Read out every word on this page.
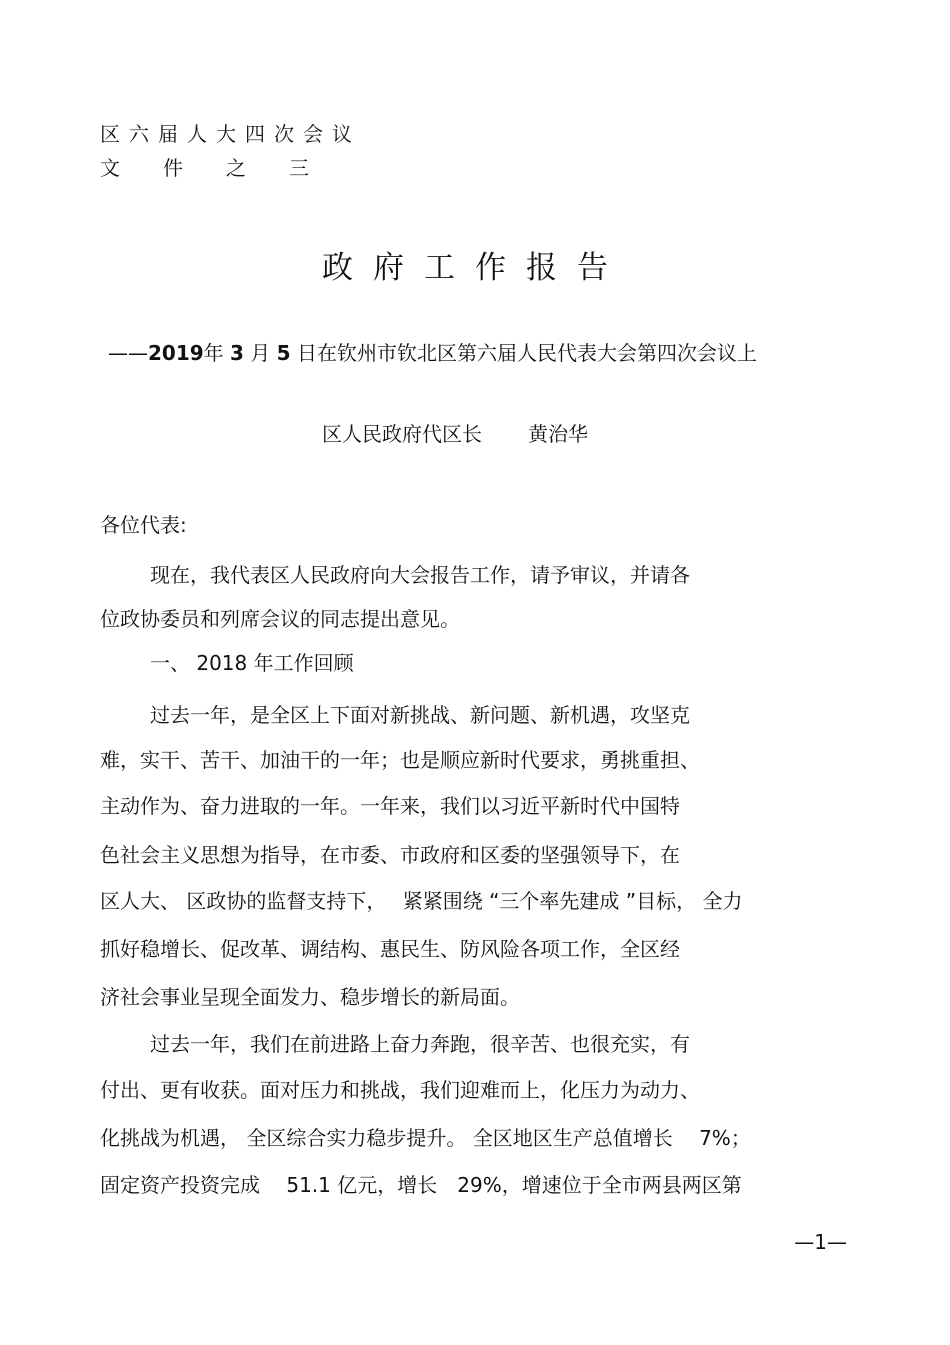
区六届人大四次会议
文 件 之 三
政府工作报告
——2019年 3 月 5 日在钦州市钦北区第六届人民代表大会第四次会议上
区人民政府代区长 黄治华
各位代表:
现在，我代表区人民政府向大会报告工作，请予审议，并请各
位政协委员和列席会议的同志提出意见。
一、 2018 年工作回顾
过去一年，是全区上下面对新挑战、新问题、新机遇，攻坚克
难，实干、苦干、加油干的一年；也是顺应新时代要求，勇挑重担、
主动作为、奋力进取的一年。一年来，我们以习近平新时代中国特
色社会主义思想为指导，在市委、市政府和区委的坚强领导下，在
区人大、 区政协的监督支持下，　 紧紧围绕 “三个率先建成 ”目标， 全力
抓好稳增长、促改革、调结构、惠民生、防风险各项工作，全区经
济社会事业呈现全面发力、稳步增长的新局面。
过去一年，我们在前进路上奋力奔跑，很辛苦、也很充实，有
付出、更有收获。面对压力和挑战，我们迎难而上，化压力为动力、
化挑战为机遇， 全区综合实力稳步提升。 全区地区生产总值增长　 7%；
固定资产投资完成　 51.1 亿元，增长　29%，增速位于全市两县两区第
—1—
